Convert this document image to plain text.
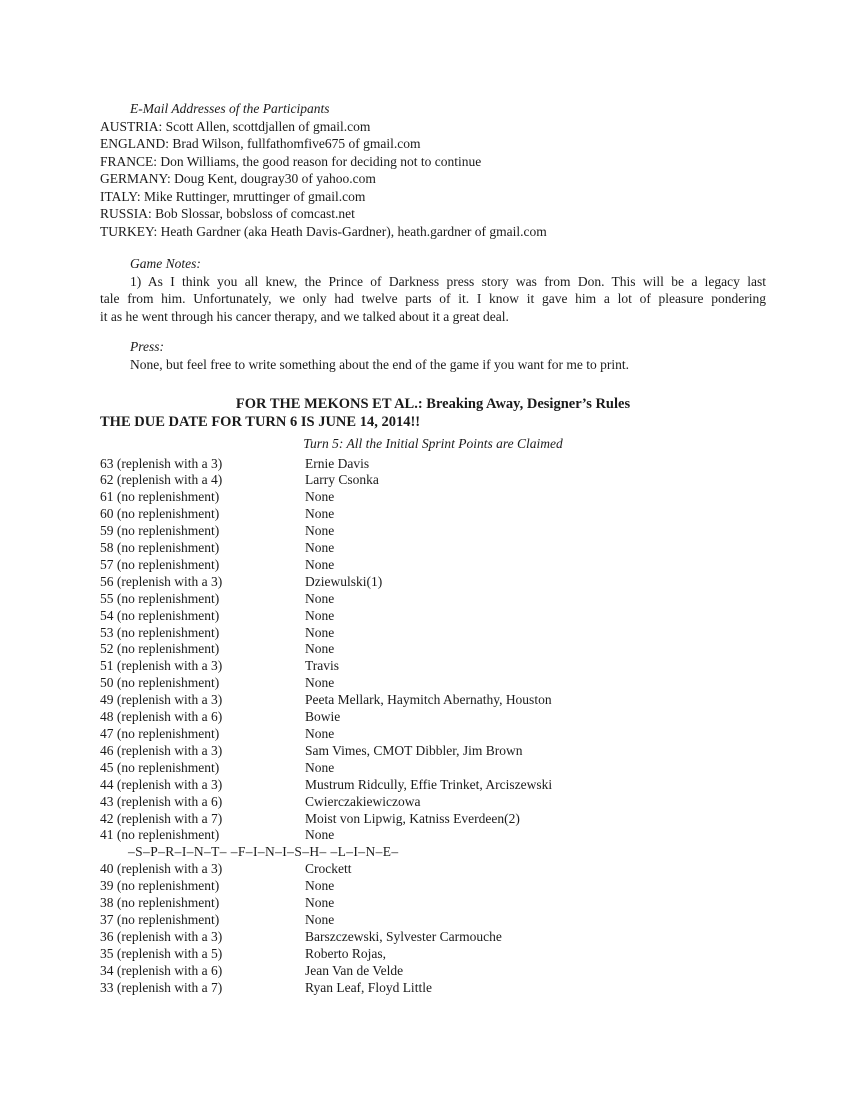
E-Mail Addresses of the Participants
AUSTRIA: Scott Allen, scottdjallen of gmail.com
ENGLAND: Brad Wilson, fullfathomfive675 of gmail.com
FRANCE: Don Williams, the good reason for deciding not to continue
GERMANY: Doug Kent, dougray30 of yahoo.com
ITALY: Mike Ruttinger, mruttinger of gmail.com
RUSSIA: Bob Slossar, bobsloss of comcast.net
TURKEY: Heath Gardner (aka Heath Davis-Gardner), heath.gardner of gmail.com
Game Notes:
1) As I think you all knew, the Prince of Darkness press story was from Don. This will be a legacy last
tale from him. Unfortunately, we only had twelve parts of it. I know it gave him a lot of pleasure pondering
it as he went through his cancer therapy, and we talked about it a great deal.
Press:
None, but feel free to write something about the end of the game if you want for me to print.
FOR THE MEKONS ET AL.: Breaking Away, Designer’s Rules
THE DUE DATE FOR TURN 6 IS JUNE 14, 2014!!
Turn 5: All the Initial Sprint Points are Claimed
63 (replenish with a 3)	Ernie Davis
62 (replenish with a 4)	Larry Csonka
61 (no replenishment)	None
60 (no replenishment)	None
59 (no replenishment)	None
58 (no replenishment)	None
57 (no replenishment)	None
56 (replenish with a 3)	Dziewulski(1)
55 (no replenishment)	None
54 (no replenishment)	None
53 (no replenishment)	None
52 (no replenishment)	None
51 (replenish with a 3)	Travis
50 (no replenishment)	None
49 (replenish with a 3)	Peeta Mellark, Haymitch Abernathy, Houston
48 (replenish with a 6)	Bowie
47 (no replenishment)	None
46 (replenish with a 3)	Sam Vimes, CMOT Dibbler, Jim Brown
45 (no replenishment)	None
44 (replenish with a 3)	Mustrum Ridcully, Effie Trinket, Arciszewski
43 (replenish with a 6)	Cwierczakiewiczowa
42 (replenish with a 7)	Moist von Lipwig, Katniss Everdeen(2)
41 (no replenishment)	None
–S–P–R–I–N–T– –F–I–N–I–S–H– –L–I–N–E–
40 (replenish with a 3)	Crockett
39 (no replenishment)	None
38 (no replenishment)	None
37 (no replenishment)	None
36 (replenish with a 3)	Barszczewski, Sylvester Carmouche
35 (replenish with a 5)	Roberto Rojas,
34 (replenish with a 6)	Jean Van de Velde
33 (replenish with a 7)	Ryan Leaf, Floyd Little
